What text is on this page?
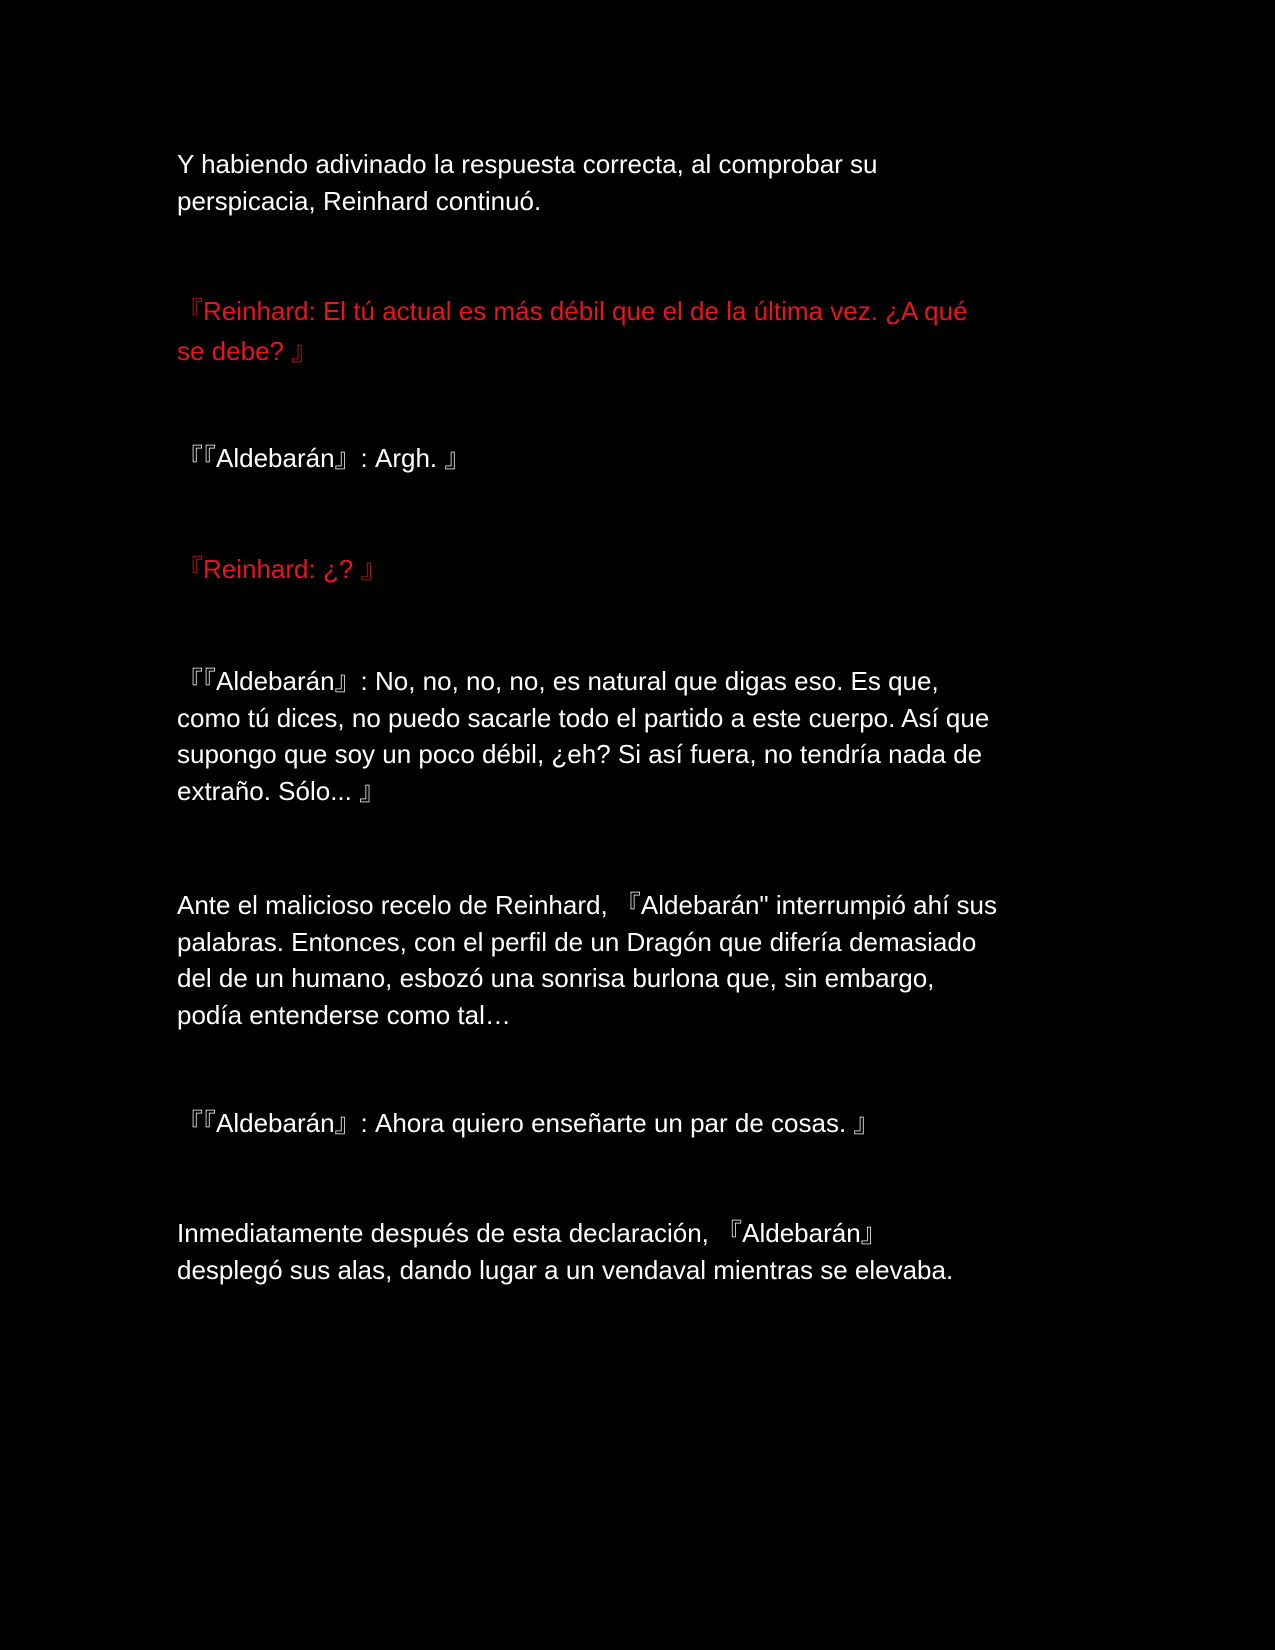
Y habiendo adivinado la respuesta correcta, al comprobar su
perspicacia, Reinhard continuó.

『Reinhard: El tú actual es más débil que el de la última vez. ¿A qué
se debe? 』

『『Aldebarán』: Argh. 』

『Reinhard: ¿? 』

『『Aldebarán』: No, no, no, no, es natural que digas eso. Es que,
como tú dices, no puedo sacarle todo el partido a este cuerpo. Así que
supongo que soy un poco débil, ¿eh? Si así fuera, no tendría nada de
extraño. Sólo... 』

Ante el malicioso recelo de Reinhard, 『Aldebarán" interrumpió ahí sus
palabras. Entonces, con el perfil de un Dragón que difería demasiado
del de un humano, esbozó una sonrisa burlona que, sin embargo,
podía entenderse como tal…

『『Aldebarán』: Ahora quiero enseñarte un par de cosas. 』

Inmediatamente después de esta declaración, 『Aldebarán』
desplegó sus alas, dando lugar a un vendaval mientras se elevaba.
